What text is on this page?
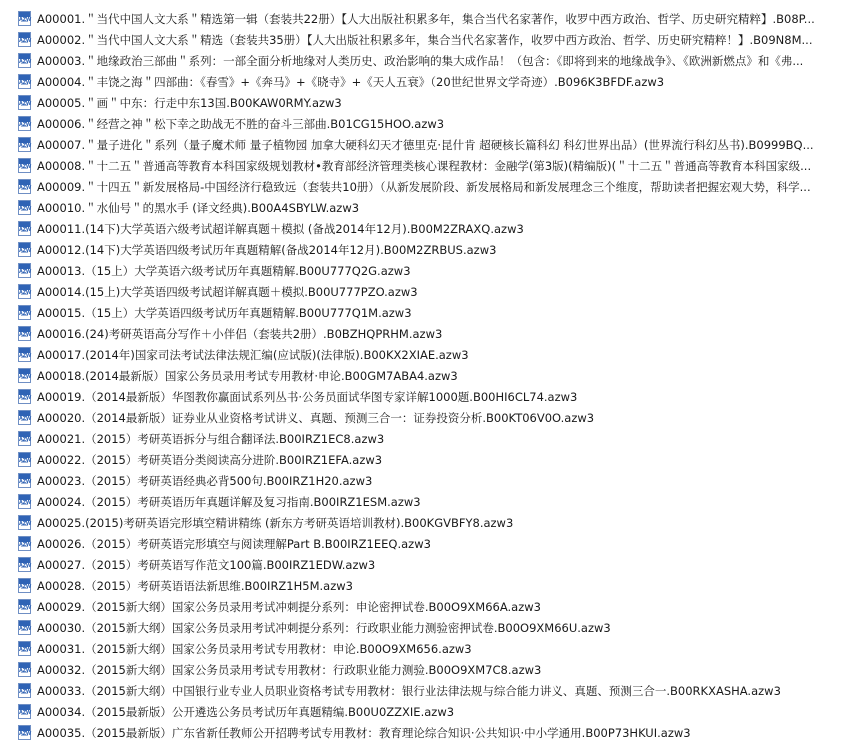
AZW A00001.＂当代中国人文大系＂精选第一辑（套装共22册）【人大出版社积累多年，集合当代名家著作，收罗中西方政治、哲学、历史研究精粹】.B08P...
AZW A00002.＂当代中国人文大系＂精选（套装共35册）【人大出版社积累多年，集合当代名家著作，收罗中西方政治、哲学、历史研究精粹！】.B09N8M...
AZW A00003.＂地缘政治三部曲＂系列：一部全面分析地缘对人类历史、政治影响的集大成作品！（包含：《即将到来的地缘战争》、《欧洲新燃点》和《弗...
AZW A00004.＂丰饶之海＂四部曲：《春雪》+《奔马》+《晓寺》+《天人五衰》（20世纪世界文学奇迹）.B096K3BFDF.azw3
AZW A00005.＂画＂中东：行走中东13国.B00KAW0RMY.azw3
AZW A00006.＂经营之神＂松下幸之助战无不胜的奋斗三部曲.B01CG15HOO.azw3
AZW A00007.＂量子进化＂系列（量子魔术师 量子植物园 加拿大硬科幻天才德里克·昆什肯 超硬核长篇科幻 科幻世界出品）(世界流行科幻丛书).B0999BQ...
AZW A00008.＂十二五＂普通高等教育本科国家级规划教材•教育部经济管理类核心课程教材：金融学(第3版)(精编版)(＂十二五＂普通高等教育本科国家级...
AZW A00009.＂十四五＂新发展格局-中国经济行稳致远（套装共10册）（从新发展阶段、新发展格局和新发展理念三个维度，帮助读者把握宏观大势，科学...
AZW A00010.＂水仙号＂的黑水手 (译文经典).B00A4SBYLW.azw3
AZW A00011.(14下)大学英语六级考试超详解真题＋模拟 (备战2014年12月).B00M2ZRAXQ.azw3
AZW A00012.(14下)大学英语四级考试历年真题精解(备战2014年12月).B00M2ZRBUS.azw3
AZW A00013.（15上）大学英语六级考试历年真题精解.B00U777Q2G.azw3
AZW A00014.(15上)大学英语四级考试超详解真题＋模拟.B00U777PZO.azw3
AZW A00015.（15上）大学英语四级考试历年真题精解.B00U777Q1M.azw3
AZW A00016.(24)考研英语高分写作＋小伴侣（套装共2册）.B0BZHQPRHM.azw3
AZW A00017.(2014年)国家司法考试法律法规汇编(应试版)(法律版).B00KX2XIAE.azw3
AZW A00018.(2014最新版）国家公务员录用考试专用教材·申论.B00GM7ABA4.azw3
AZW A00019.（2014最新版）华图教你赢面试系列丛书·公务员面试华图专家详解1000题.B00HI6CL74.azw3
AZW A00020.（2014最新版）证券业从业资格考试讲义、真题、预测三合一：证券投资分析.B00KT06V0O.azw3
AZW A00021.（2015）考研英语拆分与组合翻译法.B00IRZ1EC8.azw3
AZW A00022.（2015）考研英语分类阅读高分进阶.B00IRZ1EFA.azw3
AZW A00023.（2015）考研英语经典必背500句.B00IRZ1H20.azw3
AZW A00024.（2015）考研英语历年真题详解及复习指南.B00IRZ1ESM.azw3
AZW A00025.(2015)考研英语完形填空精讲精练 (新东方考研英语培训教材).B00KGVBFY8.azw3
AZW A00026.（2015）考研英语完形填空与阅读理解Part B.B00IRZ1EEQ.azw3
AZW A00027.（2015）考研英语写作范文100篇.B00IRZ1EDW.azw3
AZW A00028.（2015）考研英语语法新思维.B00IRZ1H5M.azw3
AZW A00029.（2015新大纲）国家公务员录用考试冲刺提分系列：申论密押试卷.B00O9XM66A.azw3
AZW A00030.（2015新大纲）国家公务员录用考试冲刺提分系列：行政职业能力测验密押试卷.B00O9XM66U.azw3
AZW A00031.（2015新大纲）国家公务员录用考试专用教材：申论.B00O9XM656.azw3
AZW A00032.（2015新大纲）国家公务员录用考试专用教材：行政职业能力测验.B00O9XM7C8.azw3
AZW A00033.（2015新大纲）中国银行业专业人员职业资格考试专用教材：银行业法律法规与综合能力讲义、真题、预测三合一.B00RKXASHA.azw3
AZW A00034.（2015最新版）公开遴选公务员考试历年真题精编.B00U0ZZXIE.azw3
AZW A00035.（2015最新版）广东省新任教师公开招聘考试专用教材：教育理论综合知识·公共知识·中小学通用.B00P73HKUI.azw3
